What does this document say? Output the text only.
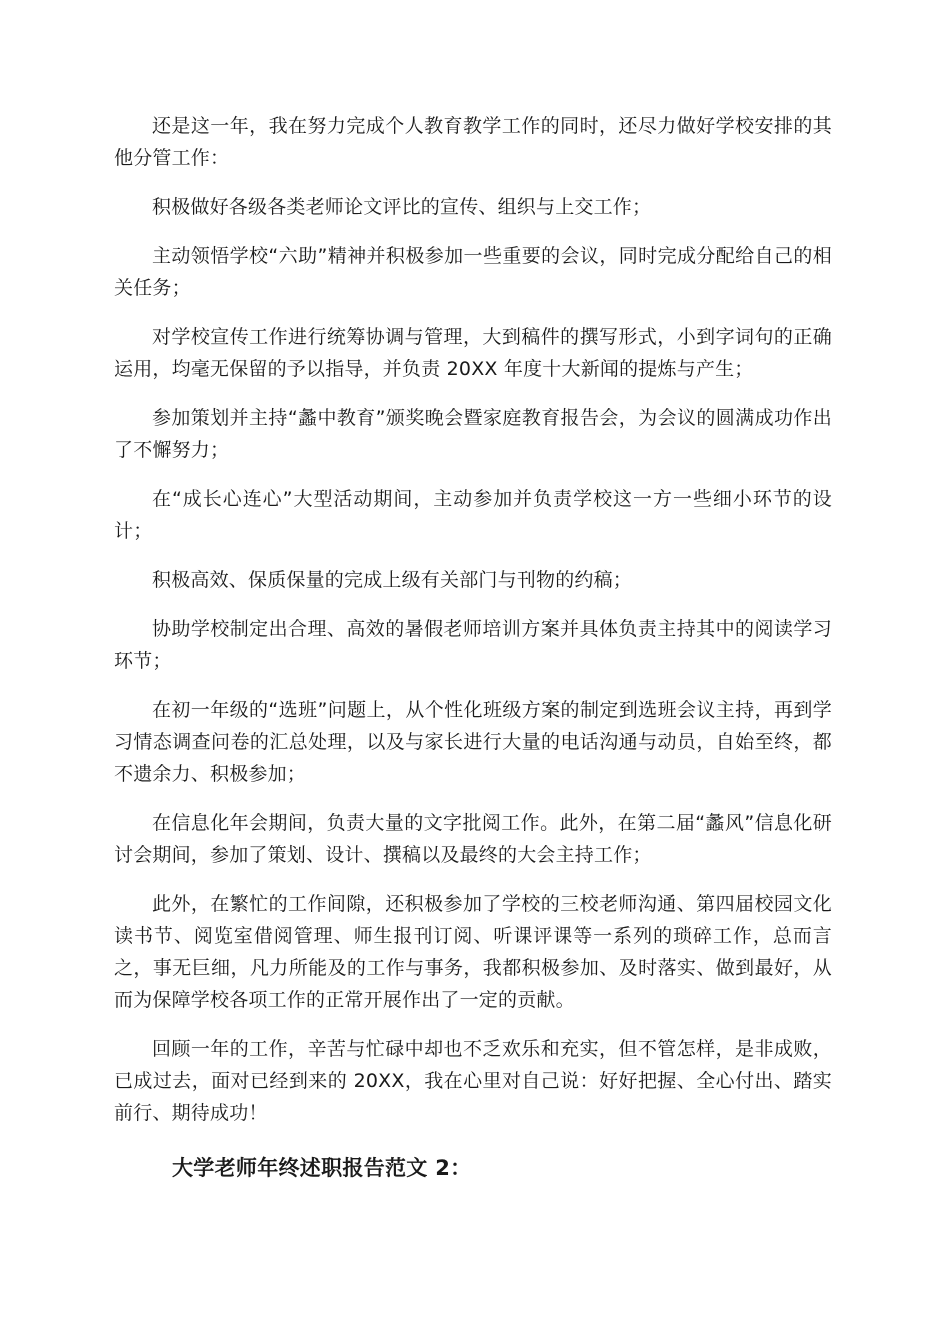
还是这一年，我在努力完成个人教育教学工作的同时，还尽力做好学校安排的其他分管工作：

积极做好各级各类老师论文评比的宣传、组织与上交工作；

主动领悟学校“六助”精神并积极参加一些重要的会议，同时完成分配给自己的相关任务；

对学校宣传工作进行统筹协调与管理，大到稿件的撰写形式，小到字词句的正确运用，均毫无保留的予以指导，并负责 20XX 年度十大新闻的提炼与产生；

参加策划并主持“蠡中教育”颁奖晚会暨家庭教育报告会，为会议的圆满成功作出了不懈努力；

在“成长心连心”大型活动期间，主动参加并负责学校这一方一些细小环节的设计；

积极高效、保质保量的完成上级有关部门与刊物的约稿；

协助学校制定出合理、高效的暑假老师培训方案并具体负责主持其中的阅读学习环节；

在初一年级的“选班”问题上，从个性化班级方案的制定到选班会议主持，再到学习情态调查问卷的汇总处理，以及与家长进行大量的电话沟通与动员，自始至终，都不遗余力、积极参加；

在信息化年会期间，负责大量的文字批阅工作。此外，在第二届“蠡风”信息化研讨会期间，参加了策划、设计、撰稿以及最终的大会主持工作；

此外，在繁忙的工作间隙，还积极参加了学校的三校老师沟通、第四届校园文化读书节、阅览室借阅管理、师生报刊订阅、听课评课等一系列的琐碎工作，总而言之，事无巨细，凡力所能及的工作与事务，我都积极参加、及时落实、做到最好，从而为保障学校各项工作的正常开展作出了一定的贡献。

回顾一年的工作，辛苦与忙碌中却也不乏欢乐和充实，但不管怎样，是非成败，已成过去，面对已经到来的 20XX，我在心里对自己说：好好把握、全心付出、踏实前行、期待成功！

大学老师年终述职报告范文 2：
